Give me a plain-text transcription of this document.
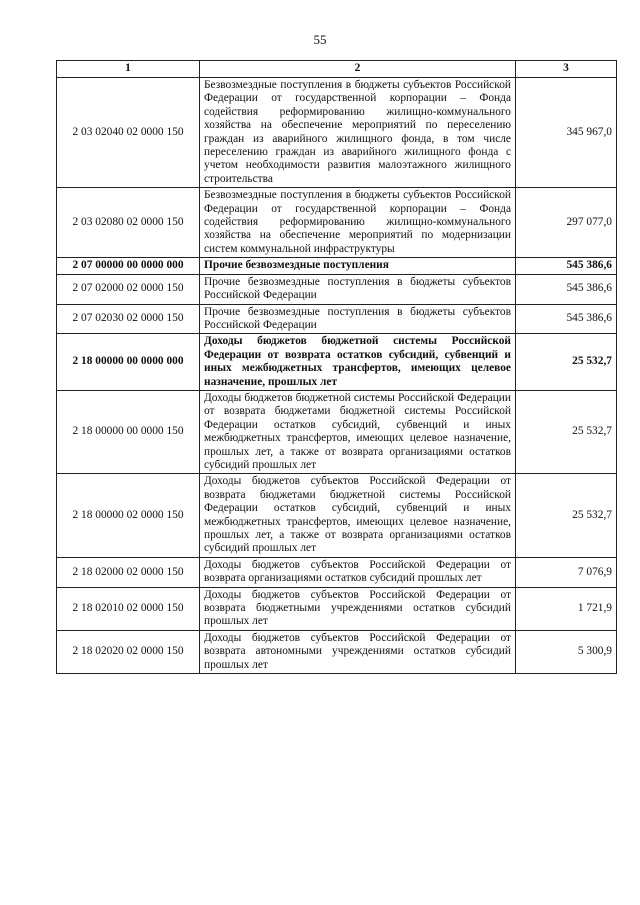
55
1	2	3
2 03 02040 02 0000 150	Безвозмездные поступления в бюджеты субъектов Российской Федерации от государственной корпорации – Фонда содействия реформированию жилищно-коммунального хозяйства на обеспечение мероприятий по переселению граждан из аварийного жилищного фонда, в том числе переселению граждан из аварийного жилищного фонда с учетом необходимости развития малоэтажного жилищного строительства	345 967,0
2 03 02080 02 0000 150	Безвозмездные поступления в бюджеты субъектов Российской Федерации от государственной корпорации – Фонда содействия реформированию жилищно-коммунального хозяйства на обеспечение мероприятий по модернизации систем коммунальной инфраструктуры	297 077,0
2 07 00000 00 0000 000	Прочие безвозмездные поступления	545 386,6
2 07 02000 02 0000 150	Прочие безвозмездные поступления в бюджеты субъектов Российской Федерации	545 386,6
2 07 02030 02 0000 150	Прочие безвозмездные поступления в бюджеты субъектов Российской Федерации	545 386,6
2 18 00000 00 0000 000	Доходы бюджетов бюджетной системы Российской Федерации от возврата остатков субсидий, субвенций и иных межбюджетных трансфертов, имеющих целевое назначение, прошлых лет	25 532,7
2 18 00000 00 0000 150	Доходы бюджетов бюджетной системы Российской Федерации от возврата бюджетами бюджетной системы Российской Федерации остатков субсидий, субвенций и иных межбюджетных трансфертов, имеющих целевое назначение, прошлых лет, а также от возврата организациями остатков субсидий прошлых лет	25 532,7
2 18 00000 02 0000 150	Доходы бюджетов субъектов Российской Федерации от возврата бюджетами бюджетной системы Российской Федерации остатков субсидий, субвенций и иных межбюджетных трансфертов, имеющих целевое назначение, прошлых лет, а также от возврата организациями остатков субсидий прошлых лет	25 532,7
2 18 02000 02 0000 150	Доходы бюджетов субъектов Российской Федерации от возврата организациями остатков субсидий прошлых лет	7 076,9
2 18 02010 02 0000 150	Доходы бюджетов субъектов Российской Федерации от возврата бюджетными учреждениями остатков субсидий прошлых лет	1 721,9
2 18 02020 02 0000 150	Доходы бюджетов субъектов Российской Федерации от возврата автономными учреждениями остатков субсидий прошлых лет	5 300,9
